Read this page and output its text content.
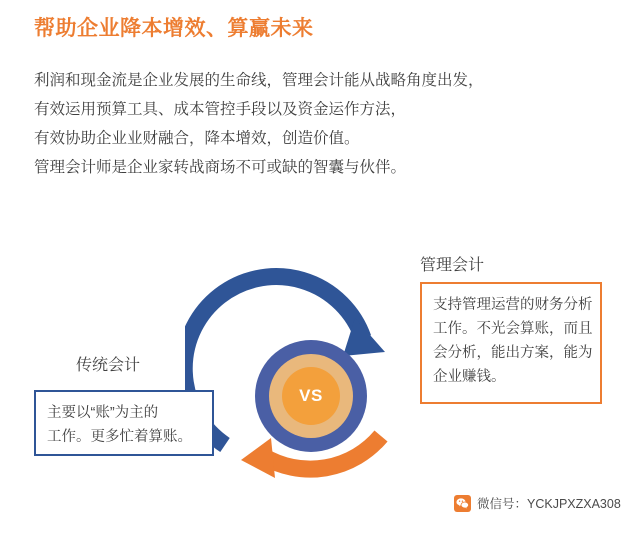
帮助企业降本增效、算赢未来

利润和现金流是企业发展的生命线，管理会计能从战略角度出发，

有效运用预算工具、成本管控手段以及资金运作方法，

有效协助企业业财融合，降本增效，创造价值。

管理会计师是企业家转战商场不可或缺的智囊与伙伴。

VS
传统会计

主要以“账”为主的

工作。更多忙着算账。

管理会计

支持管理运营的财务分析

工作。不光会算账，而且

会分析，能出方案，能为

企业赚钱。

微信号：YCKJPXZXA308
